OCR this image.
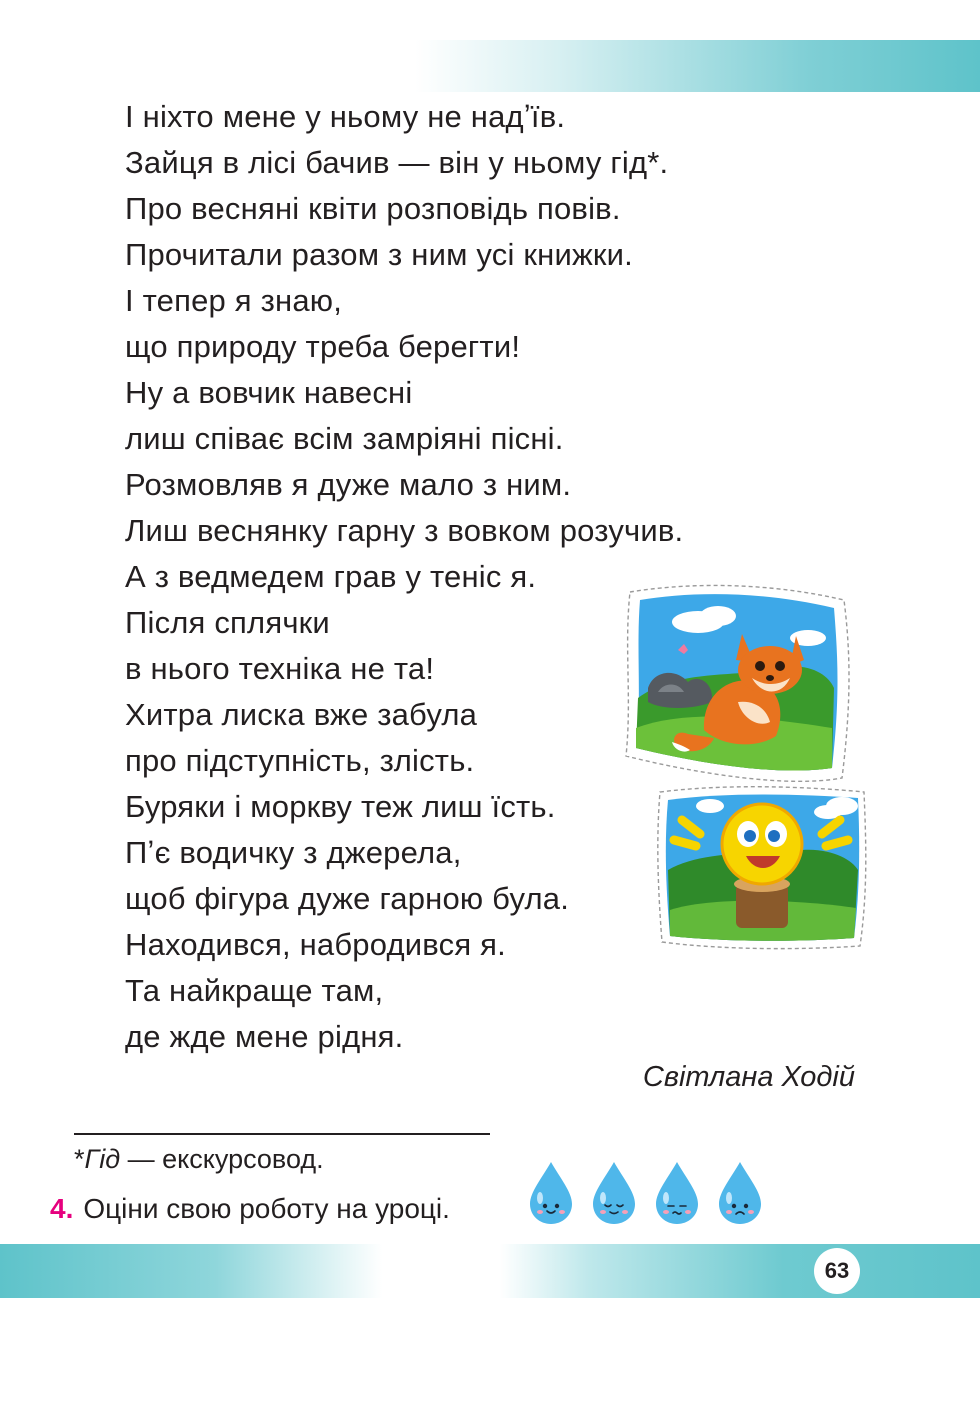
І ніхто мене у ньому не надʼїв.
Зайця в лісі бачив — він у ньому гід*.
Про весняні квіти розповідь повів.
Прочитали разом з ним усі книжки.
І тепер я знаю,
що природу треба берегти!
Ну а вовчик навесні
лиш співає всім замріяні пісні.
Розмовляв я дуже мало з ним.
Лиш веснянку гарну з вовком розучив.
А з ведмедем грав у теніс я.
Після сплячки
в нього техніка не та!
Хитра лиска вже забула
про підступність, злість.
Буряки і моркву теж лиш їсть.
Пʼє водичку з джерела,
щоб фігура дуже гарною була.
Находився, набродився я.
Та найкраще там,
де жде мене рідня.
Світлана Ходій
*Гід — екскурсовод.
4. Оціни свою роботу на уроці.
63
